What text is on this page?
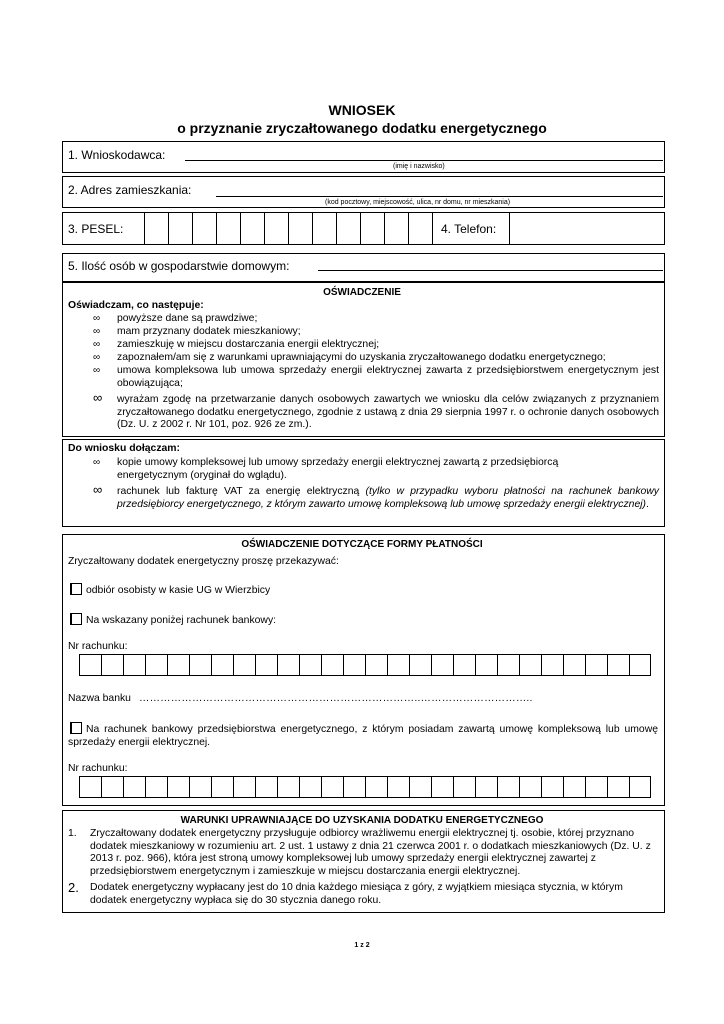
WNIOSEK
o przyznanie zryczałtowanego dodatku energetycznego
1. Wnioskodawca:
(imię i nazwisko)
2. Adres zamieszkania:
(kod pocztowy, miejscowość, ulica, nr domu, nr mieszkania)
3. PESEL:	4. Telefon:
5. Ilość osób w gospodarstwie domowym:
OŚWIADCZENIE
Oświadczam, co następuje:
∞ powyższe dane są prawdziwe;
∞ mam przyznany dodatek mieszkaniowy;
∞ zamieszkuję w miejscu dostarczania energii elektrycznej;
∞ zapoznałem/am się z warunkami uprawniającymi do uzyskania zryczałtowanego dodatku energetycznego;
∞ umowa kompleksowa lub umowa sprzedaży energii elektrycznej zawarta z przedsiębiorstwem energetycznym jest obowiązująca;
∞ wyrażam zgodę na przetwarzanie danych osobowych zawartych we wniosku dla celów związanych z przyznaniem zryczałtowanego dodatku energetycznego, zgodnie z ustawą z dnia 29 sierpnia 1997 r. o ochronie danych osobowych (Dz. U. z 2002 r. Nr 101, poz. 926 ze zm.).
Do wniosku dołączam:
∞ kopie umowy kompleksowej lub umowy sprzedaży energii elektrycznej zawartą z przedsiębiorcą energetycznym (oryginał do wglądu).
∞ rachunek lub fakturę VAT za energię elektryczną (tylko w przypadku wyboru płatności na rachunek bankowy przedsiębiorcy energetycznego, z którym zawarto umowę kompleksową lub umowę sprzedaży energii elektrycznej).
OŚWIADCZENIE DOTYCZĄCE FORMY PŁATNOŚCI
Zryczałtowany dodatek energetyczny proszę przekazywać:
odbiór osobisty w kasie UG w Wierzbicy
Na wskazany poniżej rachunek bankowy:
Nr rachunku:
Nazwa banku ……………………………………………………………………..…………………………..
Na rachunek bankowy przedsiębiorstwa energetycznego, z którym posiadam zawartą umowę kompleksową lub umowę sprzedaży energii elektrycznej.
Nr rachunku:
WARUNKI UPRAWNIAJĄCE DO UZYSKANIA DODATKU ENERGETYCZNEGO
1. Zryczałtowany dodatek energetyczny przysługuje odbiorcy wrażliwemu energii elektrycznej tj. osobie, której przyznano dodatek mieszkaniowy w rozumieniu art. 2 ust. 1 ustawy z dnia 21 czerwca 2001 r. o dodatkach mieszkaniowych (Dz. U. z 2013 r. poz. 966), która jest stroną umowy kompleksowej lub umowy sprzedaży energii elektrycznej zawartej z przedsiębiorstwem energetycznym i zamieszkuje w miejscu dostarczania energii elektrycznej.
2. Dodatek energetyczny wypłacany jest do 10 dnia każdego miesiąca z góry, z wyjątkiem miesiąca stycznia, w którym dodatek energetyczny wypłaca się do 30 stycznia danego roku.
1 z 2
